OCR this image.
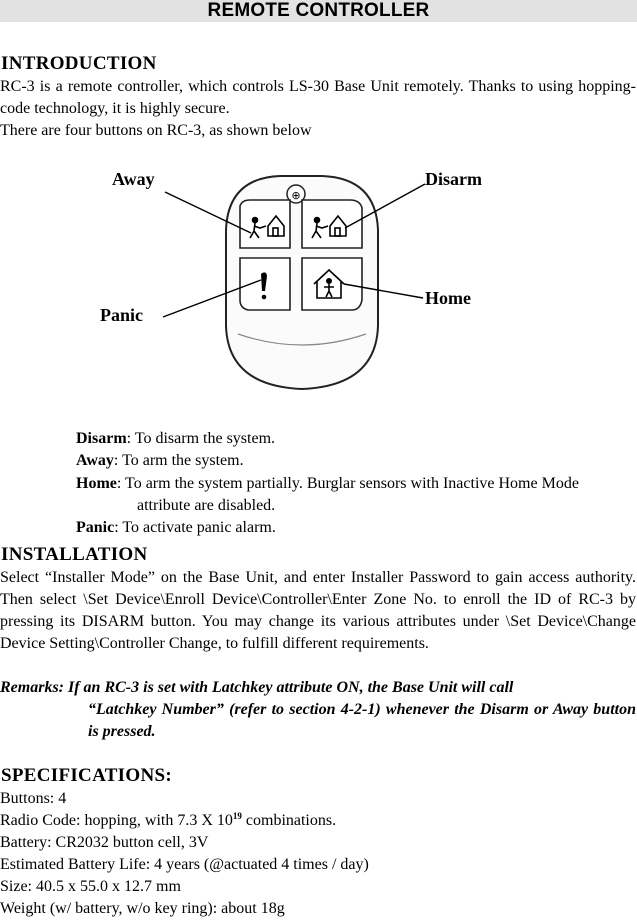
REMOTE CONTROLLER
INTRODUCTION
RC-3 is a remote controller, which controls LS-30 Base Unit remotely. Thanks to using hopping-code technology, it is highly secure.
There are four buttons on RC-3, as shown below
⊕
Away	Disarm
Panic
Home
Disarm: To disarm the system.
Away: To arm the system.
Home: To arm the system partially. Burglar sensors with Inactive Home Mode attribute are disabled.
Panic: To activate panic alarm.
INSTALLATION
Select “Installer Mode” on the Base Unit, and enter Installer Password to gain access authority. Then select \Set Device\Enroll Device\Controller\Enter Zone No. to enroll the ID of RC-3 by pressing its DISARM button. You may change its various attributes under \Set Device\Change Device Setting\Controller Change, to fulfill different requirements.
Remarks: If an RC-3 is set with Latchkey attribute ON, the Base Unit will call
“Latchkey Number” (refer to section 4-2-1) whenever the Disarm or Away button is pressed.
SPECIFICATIONS:
Buttons: 4
Radio Code: hopping, with 7.3 X $10^{19}$ combinations.
Battery: CR2032 button cell, 3V
Estimated Battery Life: 4 years (@actuated 4 times / day)
Size: 40.5 x 55.0 x 12.7 mm
Weight (w/ battery, w/o key ring): about 18g
